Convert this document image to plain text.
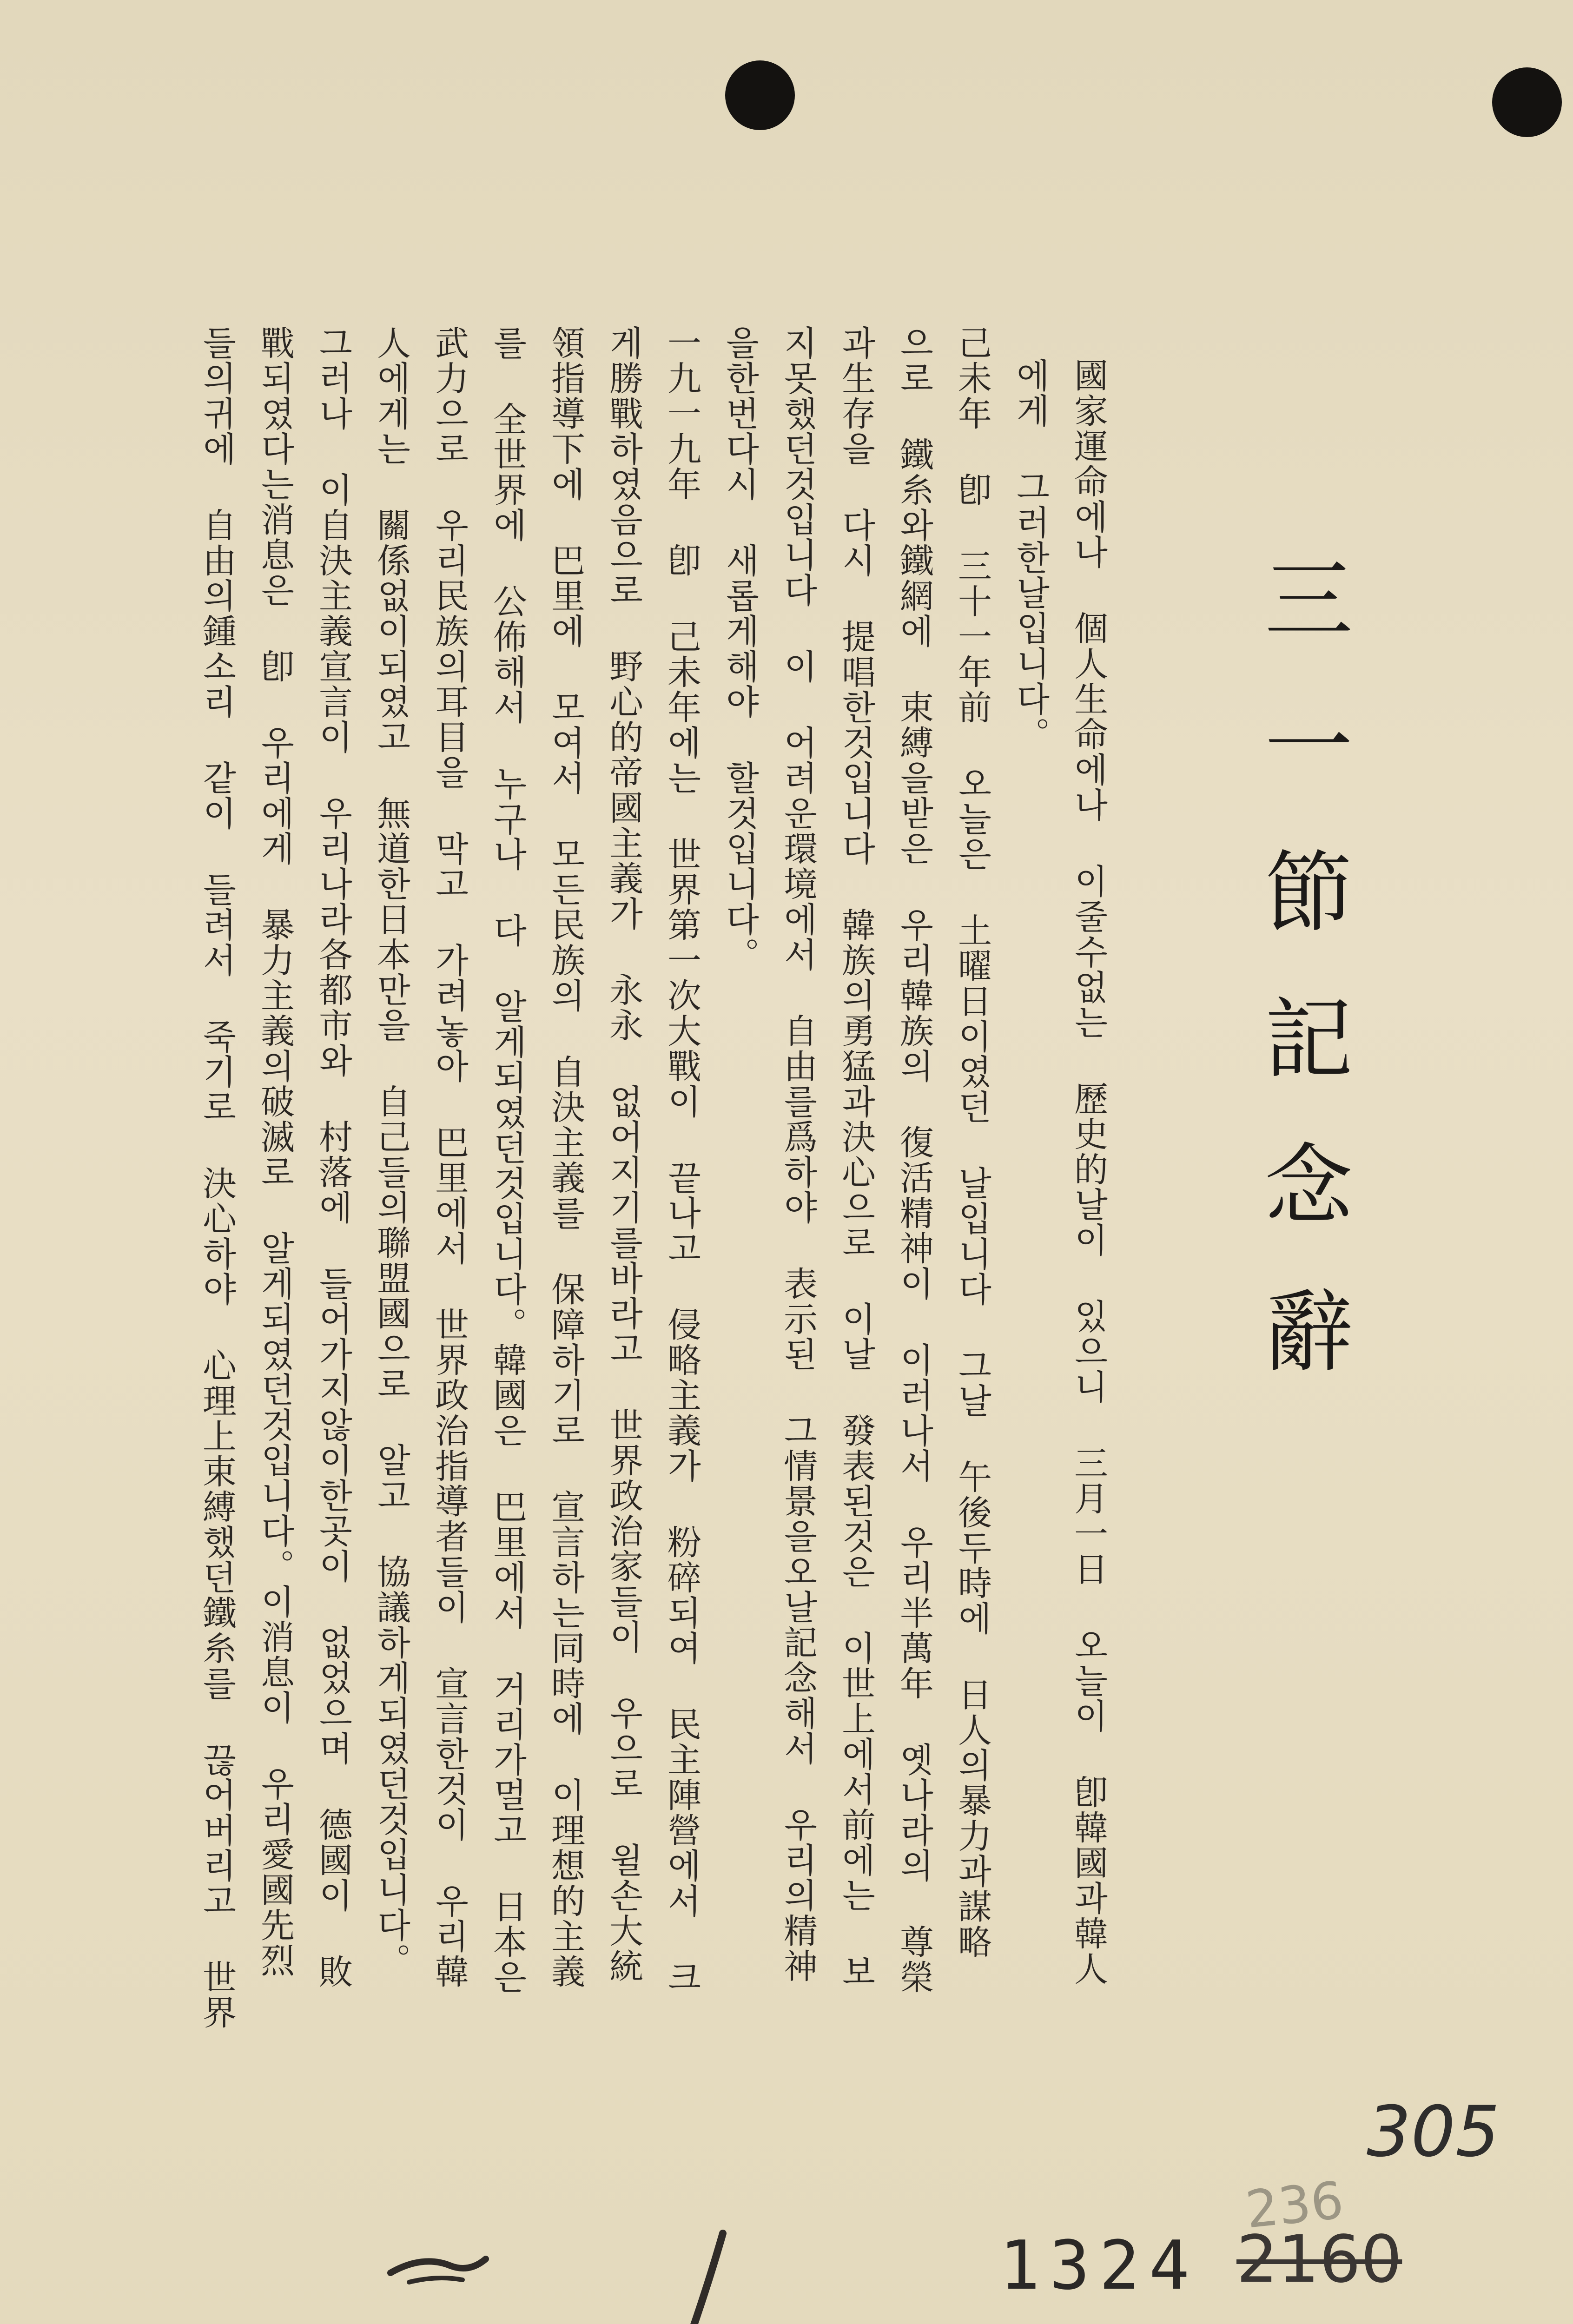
三一節記念辭
國家運命에나 個人生命에나 이줄수없는 歷史的날이 있으니 三月一日 오늘이 卽韓國과韓人
에게 그러한날입니다。
己未年 卽 三十一年前 오늘은 土曜日이였던 날입니다 그날 午後두時에 日人의暴力과謀略
으로 鐵糸와鐵網에 束縛을받은 우리韓族의 復活精神이 이러나서 우리半萬年 옛나라의 尊榮
과生存을 다시 提唱한것입니다 韓族의勇猛과決心으로 이날 發表된것은 이世上에서前에는 보
지못했던것입니다 이 어려운環境에서 自由를爲하야 表示된 그情景을오날記念해서 우리의精神
을한번다시 새롭게해야 할것입니다。
一九一九年 卽 己未年에는 世界第一次大戰이 끝나고 侵略主義가 粉碎되여 民主陣營에서 크
게勝戰하였음으로 野心的帝國主義가 永永 없어지기를바라고 世界政治家들이 우으로 윌손大統
領指導下에 巴里에 모여서 모든民族의 自決主義를 保障하기로 宣言하는同時에 이理想的主義
를 全世界에 公佈해서 누구나 다 알게되였던것입니다。韓國은 巴里에서 거리가멀고 日本은
武力으로 우리民族의耳目을 막고 가려놓아 巴里에서 世界政治指導者들이 宣言한것이 우리韓
人에게는 關係없이되였고 無道한日本만을 自己들의聯盟國으로 알고 協議하게되였던것입니다。
그러나 이自決主義宣言이 우리나라各都市와 村落에 들어가지않이한곳이 없었으며 德國이 敗
戰되였다는消息은 卽 우리에게 暴力主義의破滅로 알게되였던것입니다。이消息이 우리愛國先烈
들의귀에 自由의鍾소리 같이 들려서 죽기로 決心하야 心理上束縛했던鐵糸를 끊어버리고 世界
305
236
1324 2160
